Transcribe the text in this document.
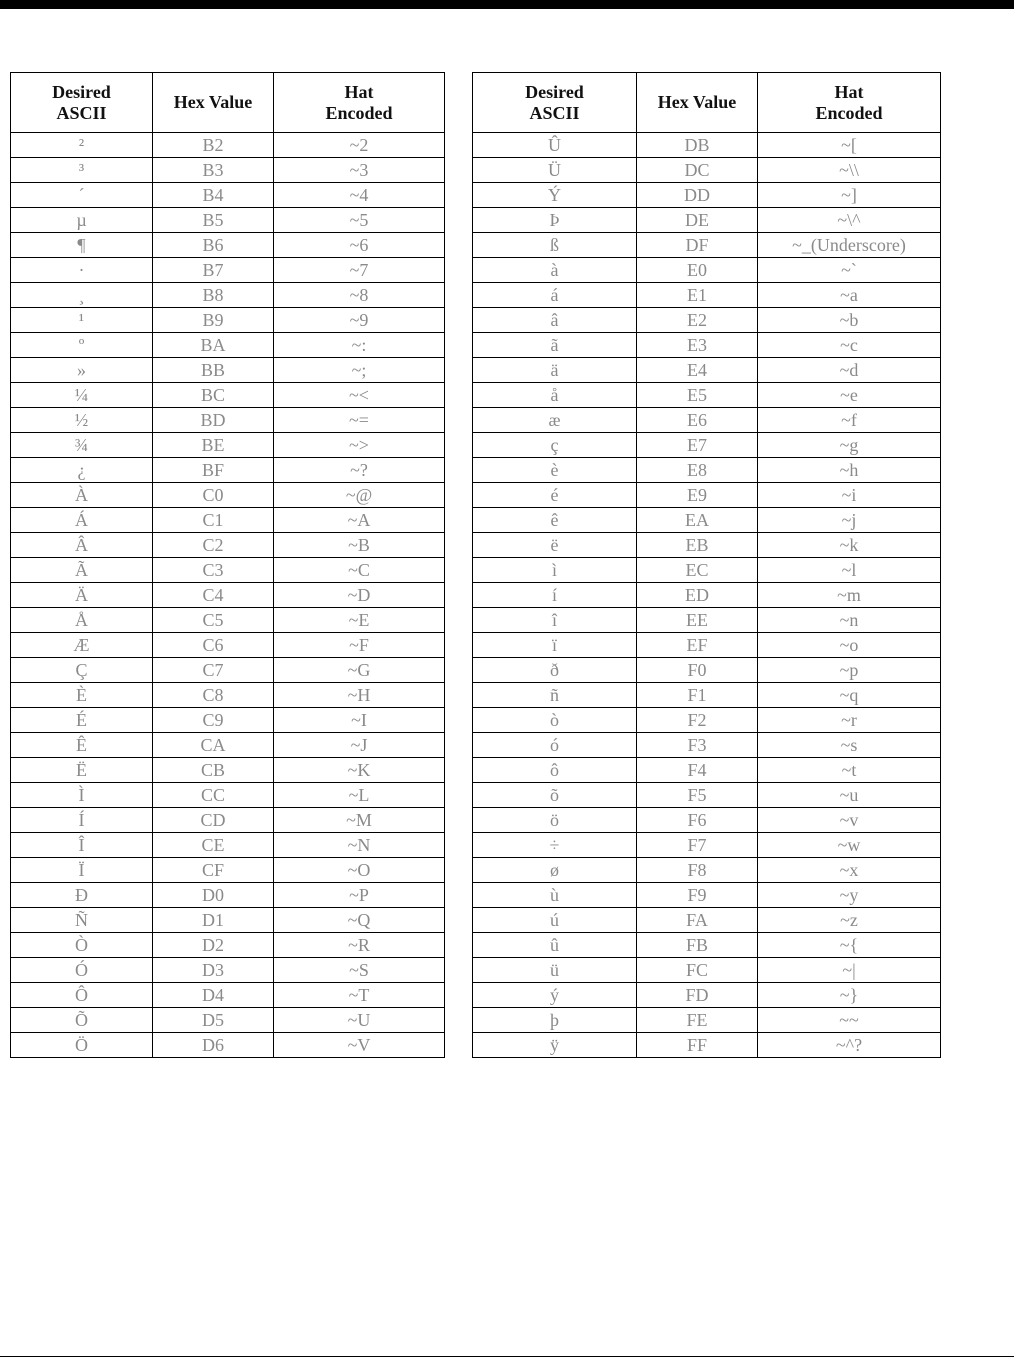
Desired
ASCII	Hex Value	Hat
Encoded

²	B2	~2
³	B3	~3
´	B4	~4
µ	B5	~5
¶	B6	~6
·	B7	~7
¸	B8	~8
¹	B9	~9
º	BA	~:
»	BB	~;
¼	BC	~<
½	BD	~=
¾	BE	~>
¿	BF	~?
À	C0	~@
Á	C1	~A
Â	C2	~B
Ã	C3	~C
Ä	C4	~D
Å	C5	~E
Æ	C6	~F
Ç	C7	~G
È	C8	~H
É	C9	~I
Ê	CA	~J
Ë	CB	~K
Ì	CC	~L
Í	CD	~M
Î	CE	~N
Ï	CF	~O
Ð	D0	~P
Ñ	D1	~Q
Ò	D2	~R
Ó	D3	~S
Ô	D4	~T
Õ	D5	~U
Ö	D6	~V
Desired
ASCII	Hex Value	Hat
Encoded

Û	DB	~[
Ü	DC	~\\
Ý	DD	~]
Þ	DE	~\^
ß	DF	~_(Underscore)
à	E0	~`
á	E1	~a
â	E2	~b
ã	E3	~c
ä	E4	~d
å	E5	~e
æ	E6	~f
ç	E7	~g
è	E8	~h
é	E9	~i
ê	EA	~j
ë	EB	~k
ì	EC	~l
í	ED	~m
î	EE	~n
ï	EF	~o
ð	F0	~p
ñ	F1	~q
ò	F2	~r
ó	F3	~s
ô	F4	~t
õ	F5	~u
ö	F6	~v
÷	F7	~w
ø	F8	~x
ù	F9	~y
ú	FA	~z
û	FB	~{
ü	FC	~|
ý	FD	~}
þ	FE	~~
ÿ	FF	~^?
